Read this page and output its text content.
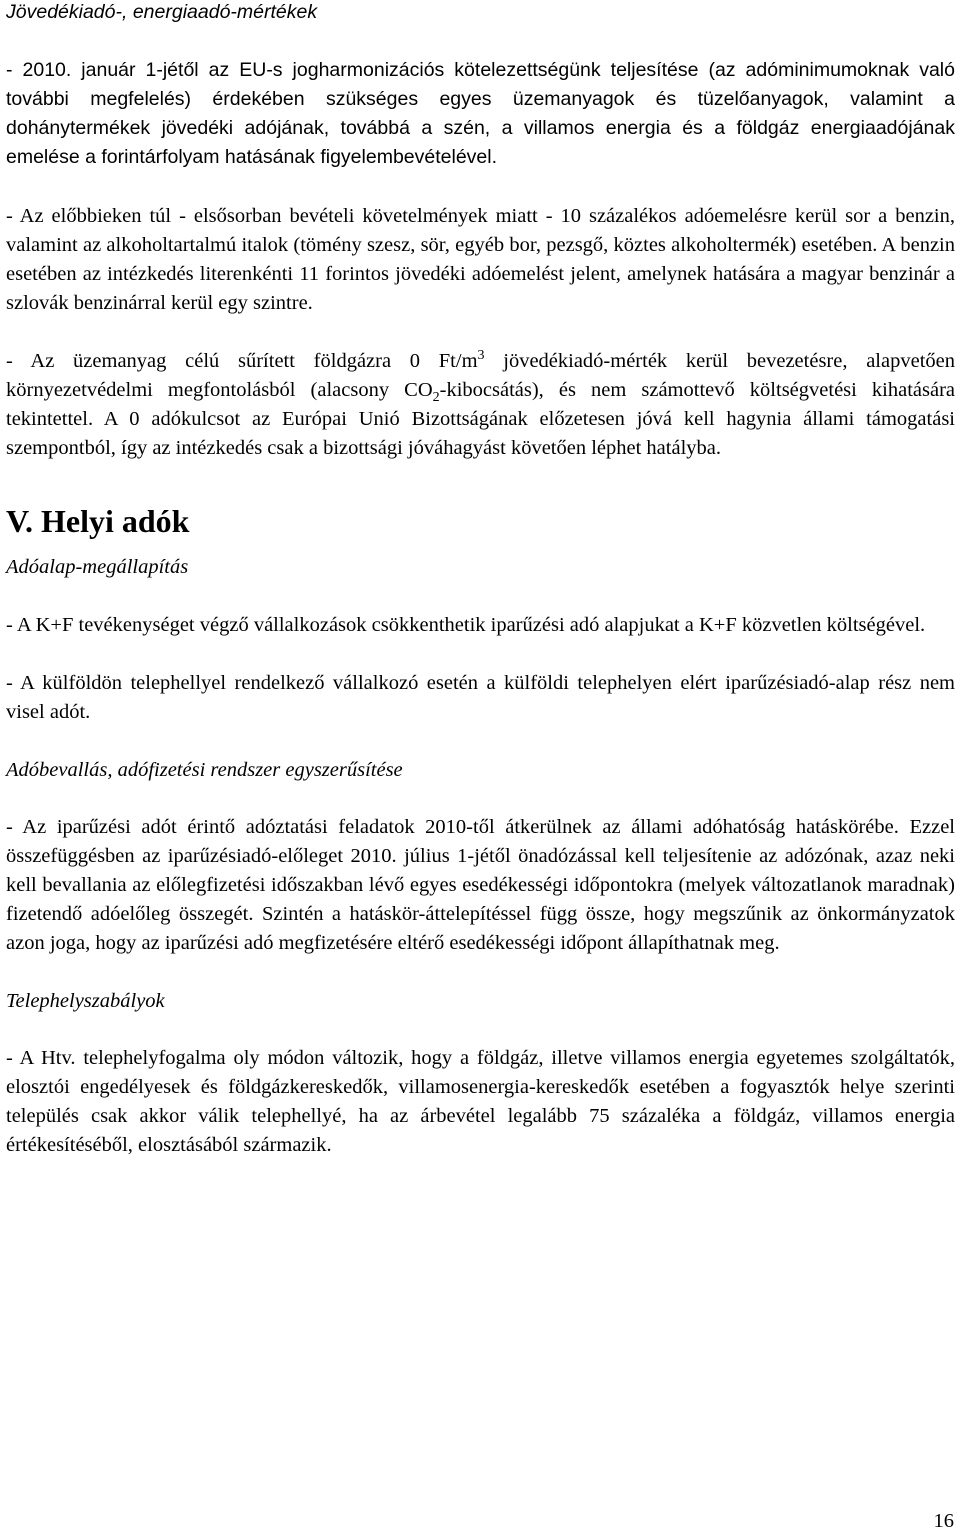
Jövedékiadó-, energiaadó-mértékek

- 2010. január 1-jétől az EU-s jogharmonizációs kötelezettségünk teljesítése (az adóminimumoknak való további megfelelés) érdekében szükséges egyes üzemanyagok és tüzelőanyagok, valamint a dohánytermékek jövedéki adójának, továbbá a szén, a villamos energia és a földgáz energiaadójának emelése a forintárfolyam hatásának figyelembevételével.

- Az előbbieken túl - elsősorban bevételi követelmények miatt - 10 százalékos adóemelésre kerül sor a benzin, valamint az alkoholtartalmú italok (tömény szesz, sör, egyéb bor, pezsgő, köztes alkoholtermék) esetében. A benzin esetében az intézkedés literenkénti 11 forintos jövedéki adóemelést jelent, amelynek hatására a magyar benzinár a szlovák benzinárral kerül egy szintre.

- Az üzemanyag célú sűrített földgázra 0 $Ft/m^3$ jövedékiadó-mérték kerül bevezetésre, alapvetően környezetvédelmi megfontolásból (alacsony $CO_2-kibocsátás$), és nem számottevő költségvetési kihatására tekintettel. A 0 adókulcsot az Európai Unió Bizottságának előzetesen jóvá kell hagynia állami támogatási szempontból, így az intézkedés csak a bizottsági jóváhagyást követően léphet hatályba.

V. Helyi adók
Adóalap-megállapítás

- A K+F tevékenységet végző vállalkozások csökkenthetik iparűzési adó alapjukat a K+F közvetlen költségével.

- A külföldön telephellyel rendelkező vállalkozó esetén a külföldi telephelyen elért iparűzésiadó-alap rész nem visel adót.

Adóbevallás, adófizetési rendszer egyszerűsítése

- Az iparűzési adót érintő adóztatási feladatok 2010-től átkerülnek az állami adóhatóság hatáskörébe. Ezzel összefüggésben az iparűzésiadó-előleget 2010. július 1-jétől önadózással kell teljesítenie az adózónak, azaz neki kell bevallania az előlegfizetési időszakban lévő egyes esedékességi időpontokra (melyek változatlanok maradnak) fizetendő adóelőleg összegét. Szintén a hatáskör-áttelepítéssel függ össze, hogy megszűnik az önkormányzatok azon joga, hogy az iparűzési adó megfizetésére eltérő esedékességi időpont állapíthatnak meg.

Telephelyszabályok

- A Htv. telephelyfogalma oly módon változik, hogy a földgáz, illetve villamos energia egyetemes szolgáltatók, elosztói engedélyesek és földgázkereskedők, villamosenergia-kereskedők esetében a fogyasztók helye szerinti település csak akkor válik telephellyé, ha az árbevétel legalább 75 százaléka a földgáz, villamos energia értékesítéséből, elosztásából származik.

16
